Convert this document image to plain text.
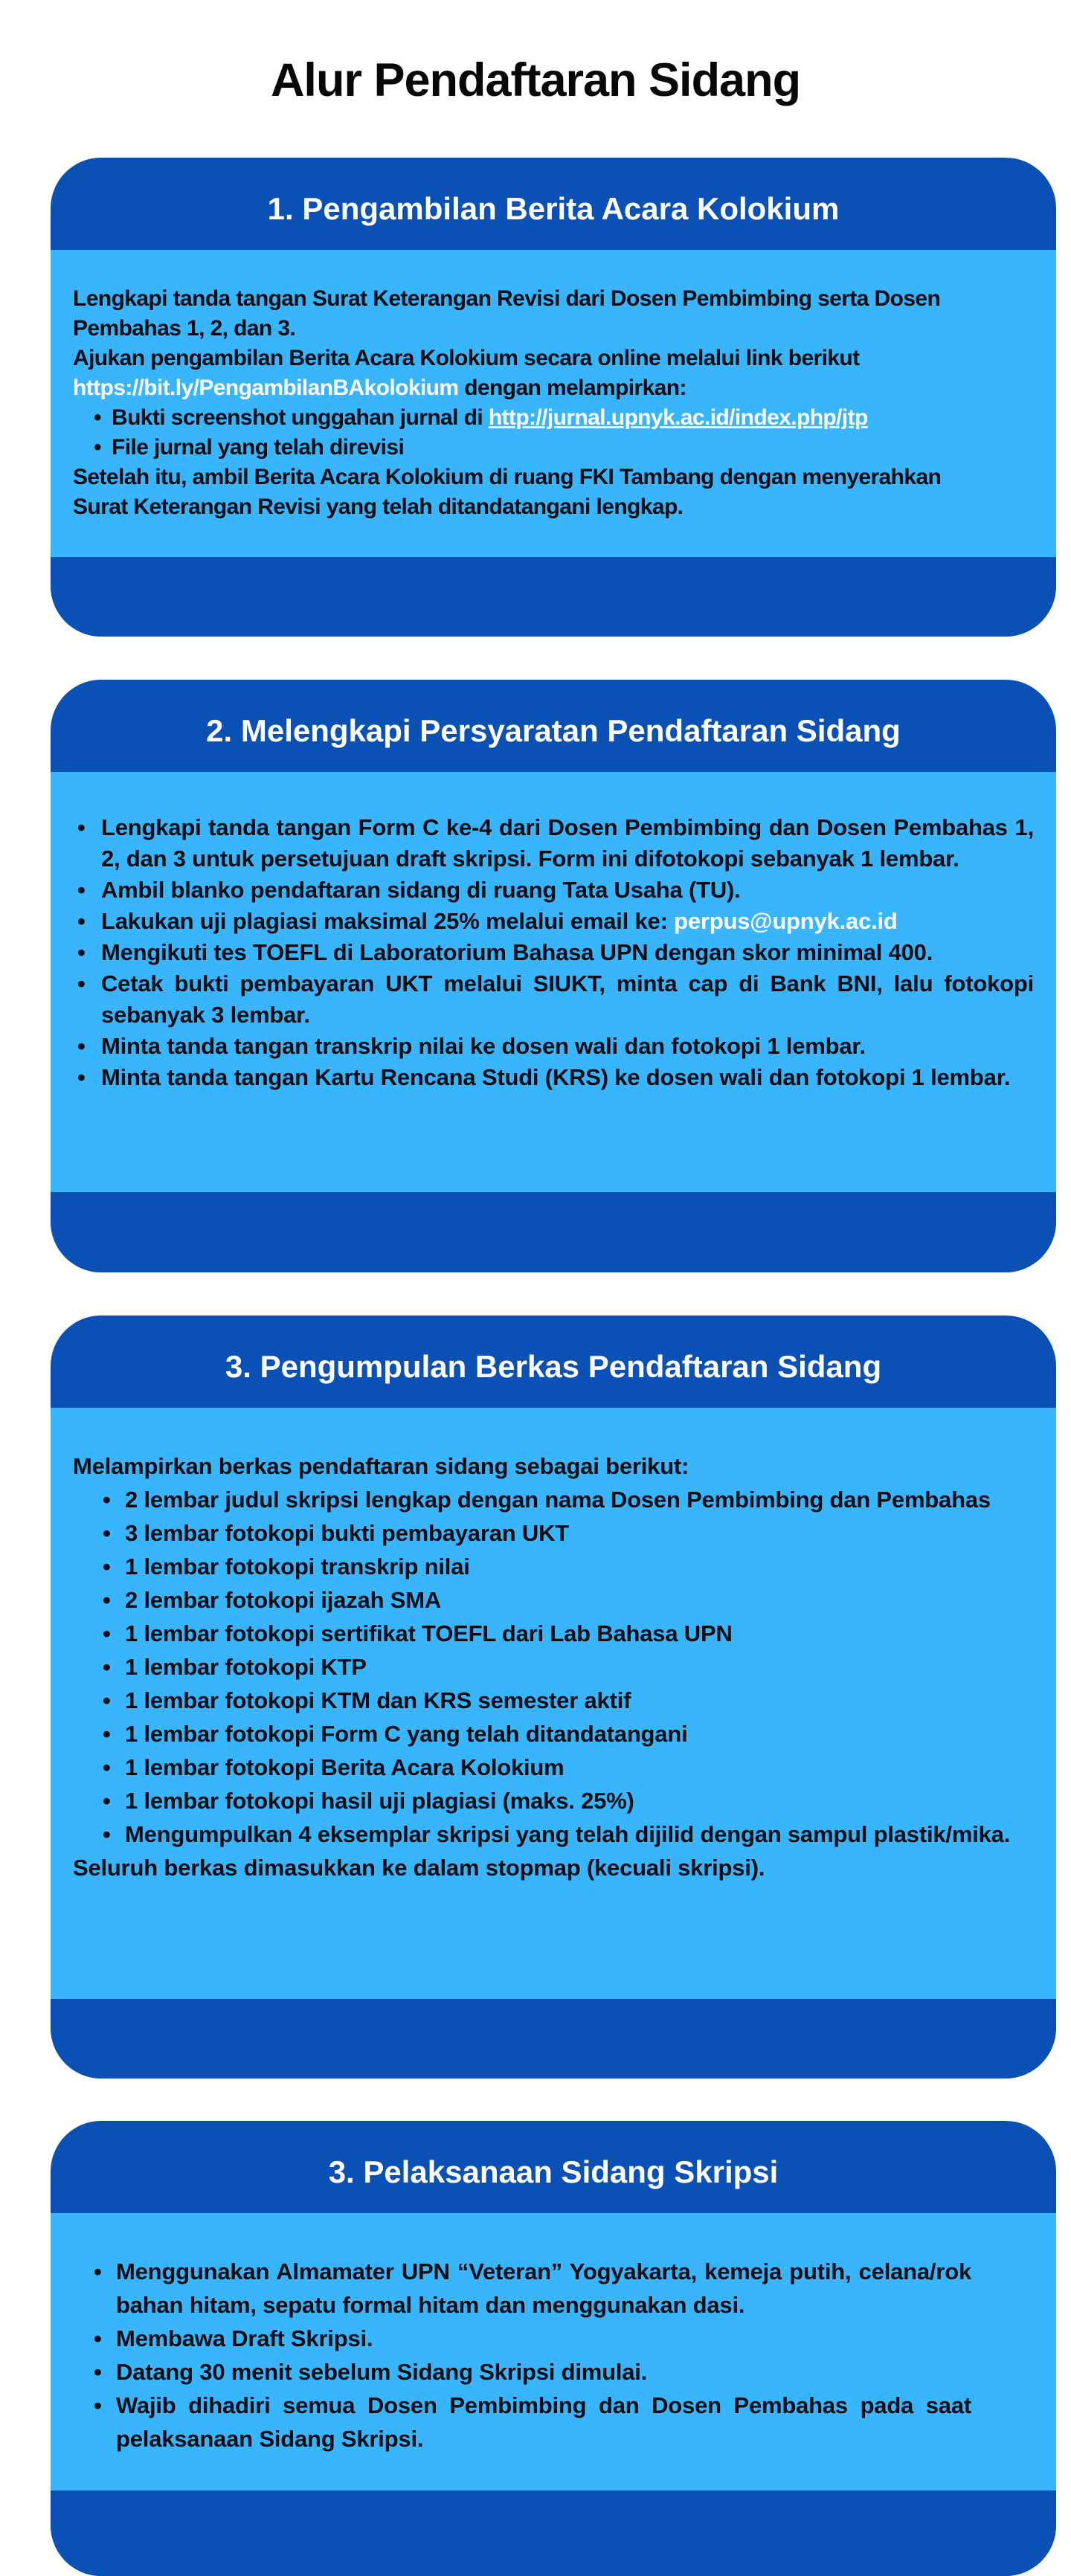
Alur Pendaftaran Sidang
1. Pengambilan Berita Acara Kolokium

Lengkapi tanda tangan Surat Keterangan Revisi dari Dosen Pembimbing serta Dosen Pembahas 1, 2, dan 3.

Ajukan pengambilan Berita Acara Kolokium secara online melalui link berikut https://bit.ly/PengambilanBAkolokium dengan melampirkan:

• Bukti screenshot unggahan jurnal di http://jurnal.upnyk.ac.id/index.php/jtp
• File jurnal yang telah direvisi

Setelah itu, ambil Berita Acara Kolokium di ruang FKI Tambang dengan menyerahkan Surat Keterangan Revisi yang telah ditandatangani lengkap.

2. Melengkapi Persyaratan Pendaftaran Sidang
• Lengkapi tanda tangan Form C ke-4 dari Dosen Pembimbing dan Dosen Pembahas 1, 2, dan 3 untuk persetujuan draft skripsi. Form ini difotokopi sebanyak 1 lembar.
• Ambil blanko pendaftaran sidang di ruang Tata Usaha (TU).
• Lakukan uji plagiasi maksimal 25% melalui email ke: perpus@upnyk.ac.id
• Mengikuti tes TOEFL di Laboratorium Bahasa UPN dengan skor minimal 400.
• Cetak bukti pembayaran UKT melalui SIUKT, minta cap di Bank BNI, lalu fotokopi sebanyak 3 lembar.
• Minta tanda tangan transkrip nilai ke dosen wali dan fotokopi 1 lembar.
• Minta tanda tangan Kartu Rencana Studi (KRS) ke dosen wali dan fotokopi 1 lembar.
3. Pengumpulan Berkas Pendaftaran Sidang

Melampirkan berkas pendaftaran sidang sebagai berikut:

• 2 lembar judul skripsi lengkap dengan nama Dosen Pembimbing dan Pembahas
• 3 lembar fotokopi bukti pembayaran UKT
• 1 lembar fotokopi transkrip nilai
• 2 lembar fotokopi ijazah SMA
• 1 lembar fotokopi sertifikat TOEFL dari Lab Bahasa UPN
• 1 lembar fotokopi KTP
• 1 lembar fotokopi KTM dan KRS semester aktif
• 1 lembar fotokopi Form C yang telah ditandatangani
• 1 lembar fotokopi Berita Acara Kolokium
• 1 lembar fotokopi hasil uji plagiasi (maks. 25%)
• Mengumpulkan 4 eksemplar skripsi yang telah dijilid dengan sampul plastik/mika.

Seluruh berkas dimasukkan ke dalam stopmap (kecuali skripsi).

3. Pelaksanaan Sidang Skripsi
• Menggunakan Almamater UPN “Veteran” Yogyakarta, kemeja putih, celana/rok bahan hitam, sepatu formal hitam dan menggunakan dasi.
• Membawa Draft Skripsi.
• Datang 30 menit sebelum Sidang Skripsi dimulai.
• Wajib dihadiri semua Dosen Pembimbing dan Dosen Pembahas pada saat pelaksanaan Sidang Skripsi.
